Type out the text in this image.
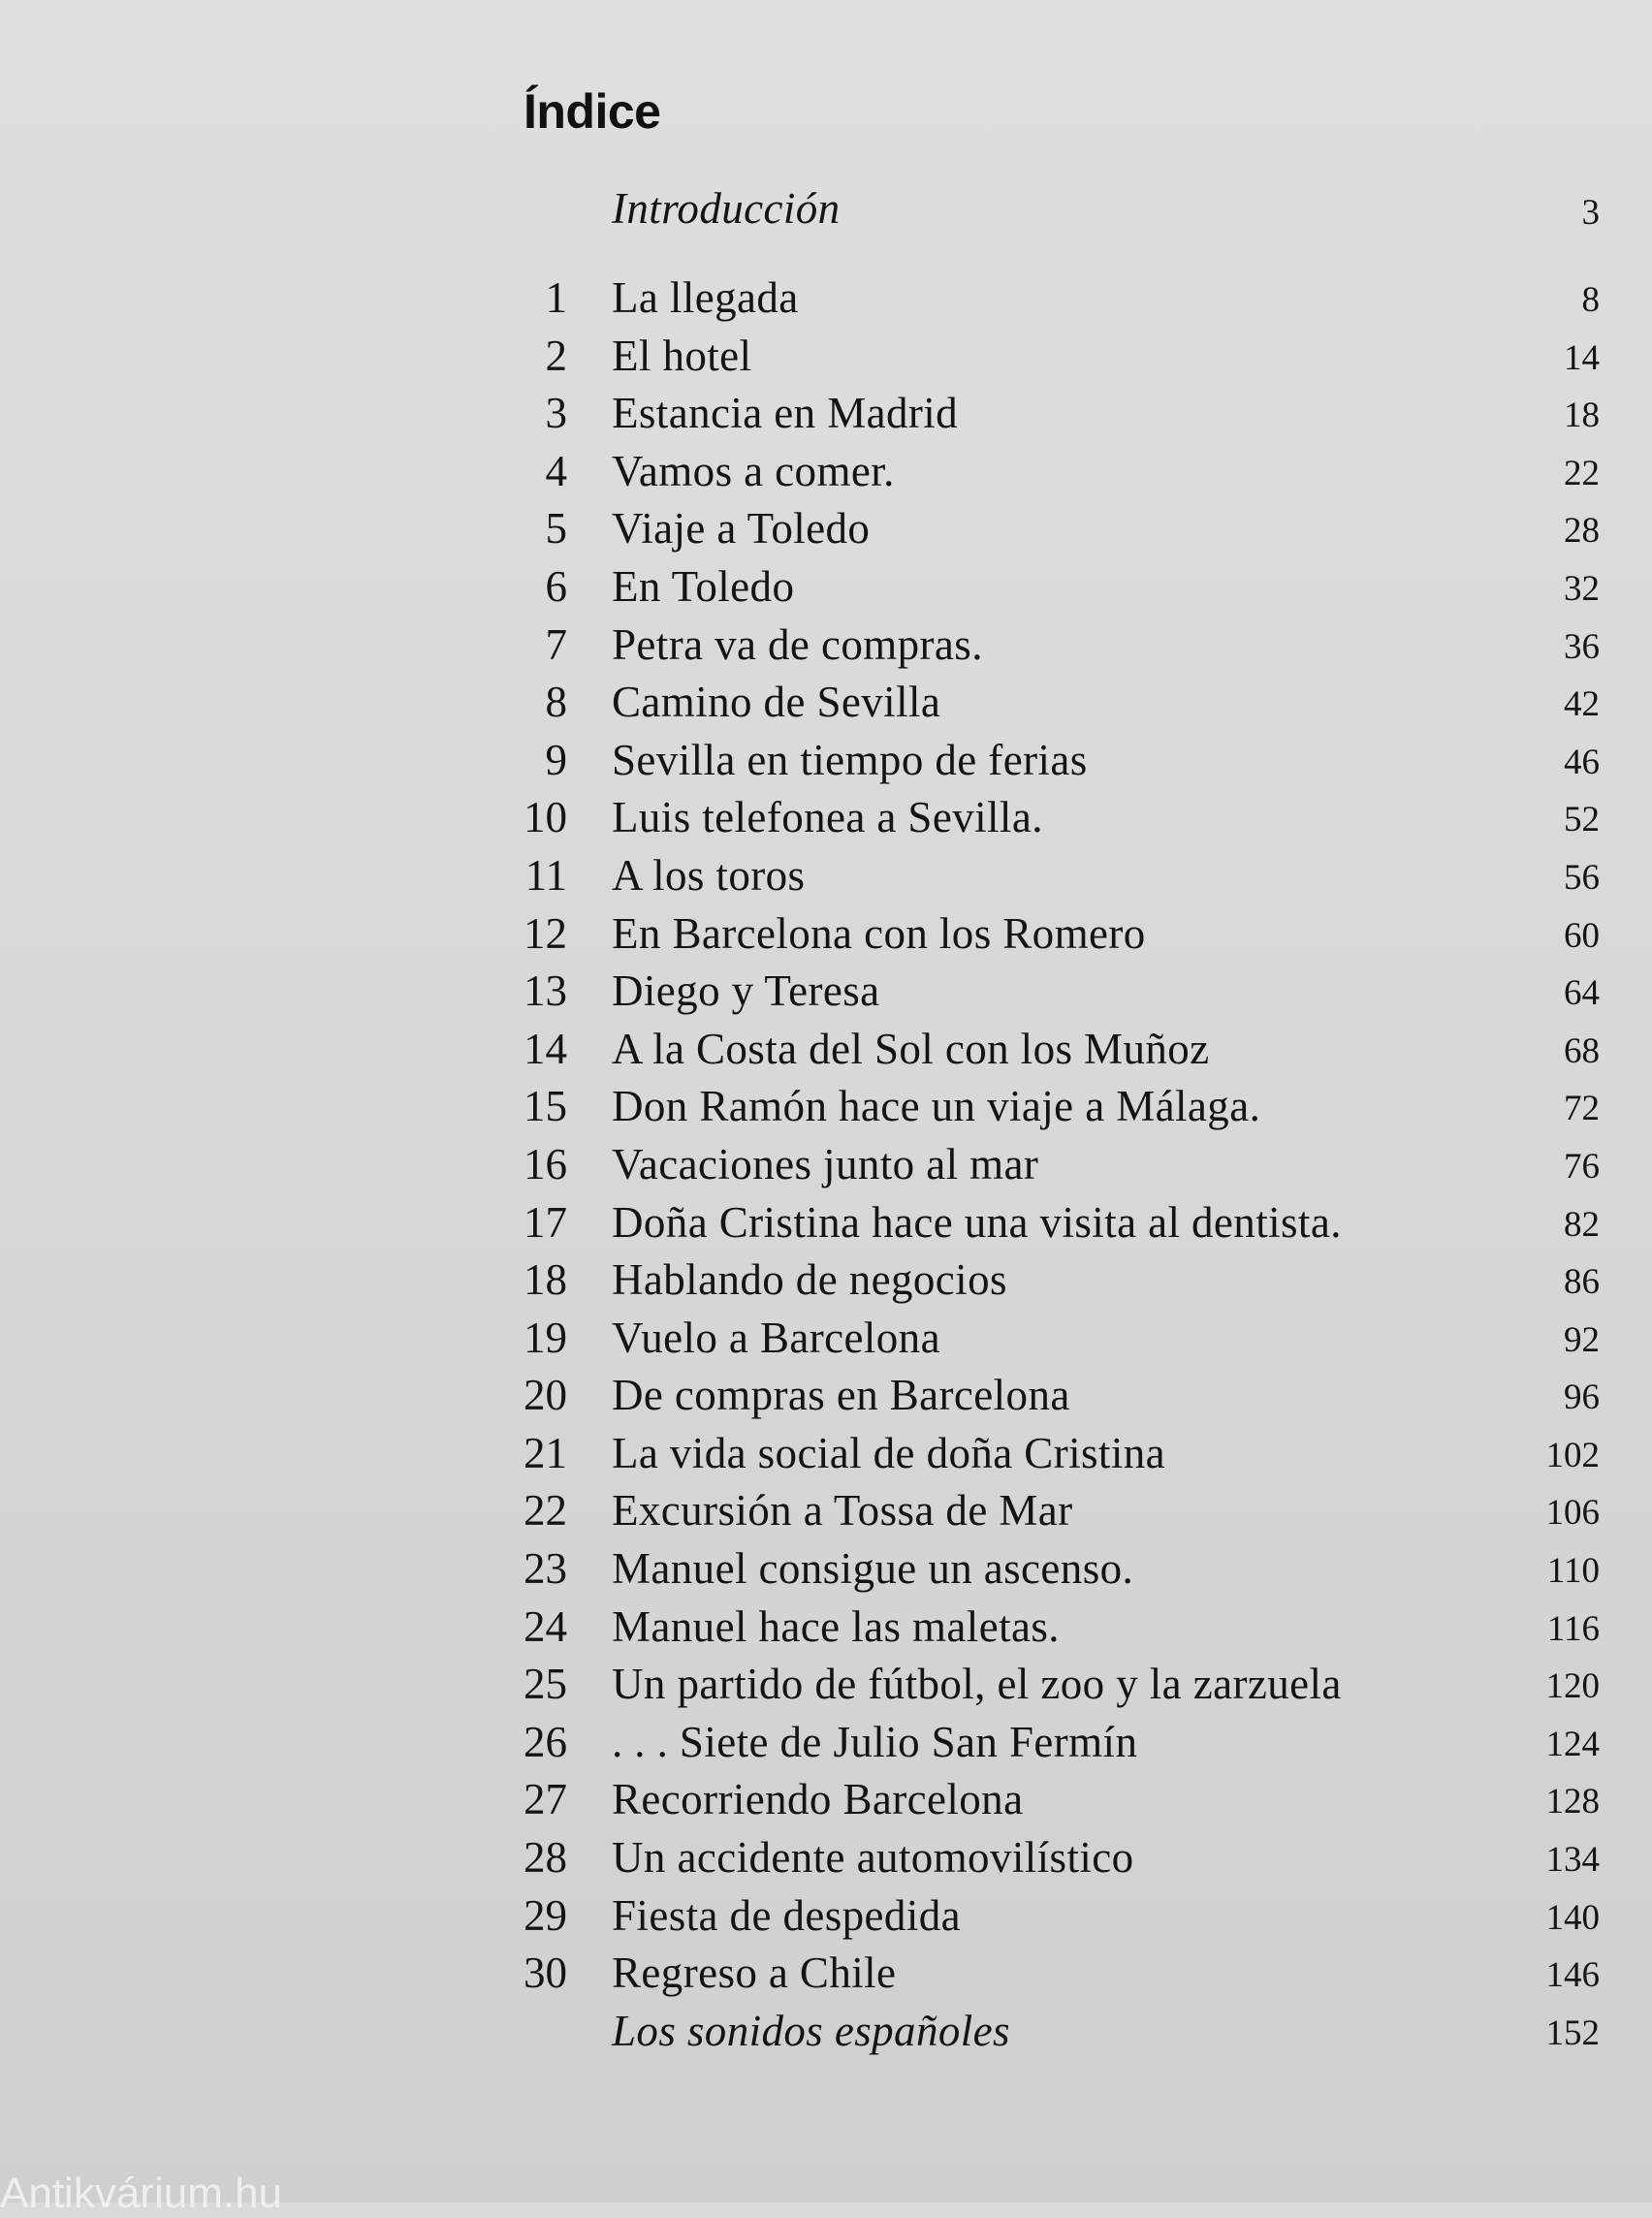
Índice
Introducción	3
1 La llegada	8
2 El hotel	14
3 Estancia en Madrid	18
4 Vamos a comer.	22
5 Viaje a Toledo	28
6 En Toledo	32
7 Petra va de compras.	36
8 Camino de Sevilla	42
9 Sevilla en tiempo de ferias	46
10 Luis telefonea a Sevilla.	52
11 A los toros	56
12 En Barcelona con los Romero	60
13 Diego y Teresa	64
14 A la Costa del Sol con los Muñoz	68
15 Don Ramón hace un viaje a Málaga.	72
16 Vacaciones junto al mar	76
17 Doña Cristina hace una visita al dentista.	82
18 Hablando de negocios	86
19 Vuelo a Barcelona	92
20 De compras en Barcelona	96
21 La vida social de doña Cristina	102
22 Excursión a Tossa de Mar	106
23 Manuel consigue un ascenso.	110
24 Manuel hace las maletas.	116
25 Un partido de fútbol, el zoo y la zarzuela	120
26 . . . Siete de Julio San Fermín	124
27 Recorriendo Barcelona	128
28 Un accidente automovilístico	134
29 Fiesta de despedida	140
30 Regreso a Chile	146
Los sonidos españoles	152
Antikvárium.hu
